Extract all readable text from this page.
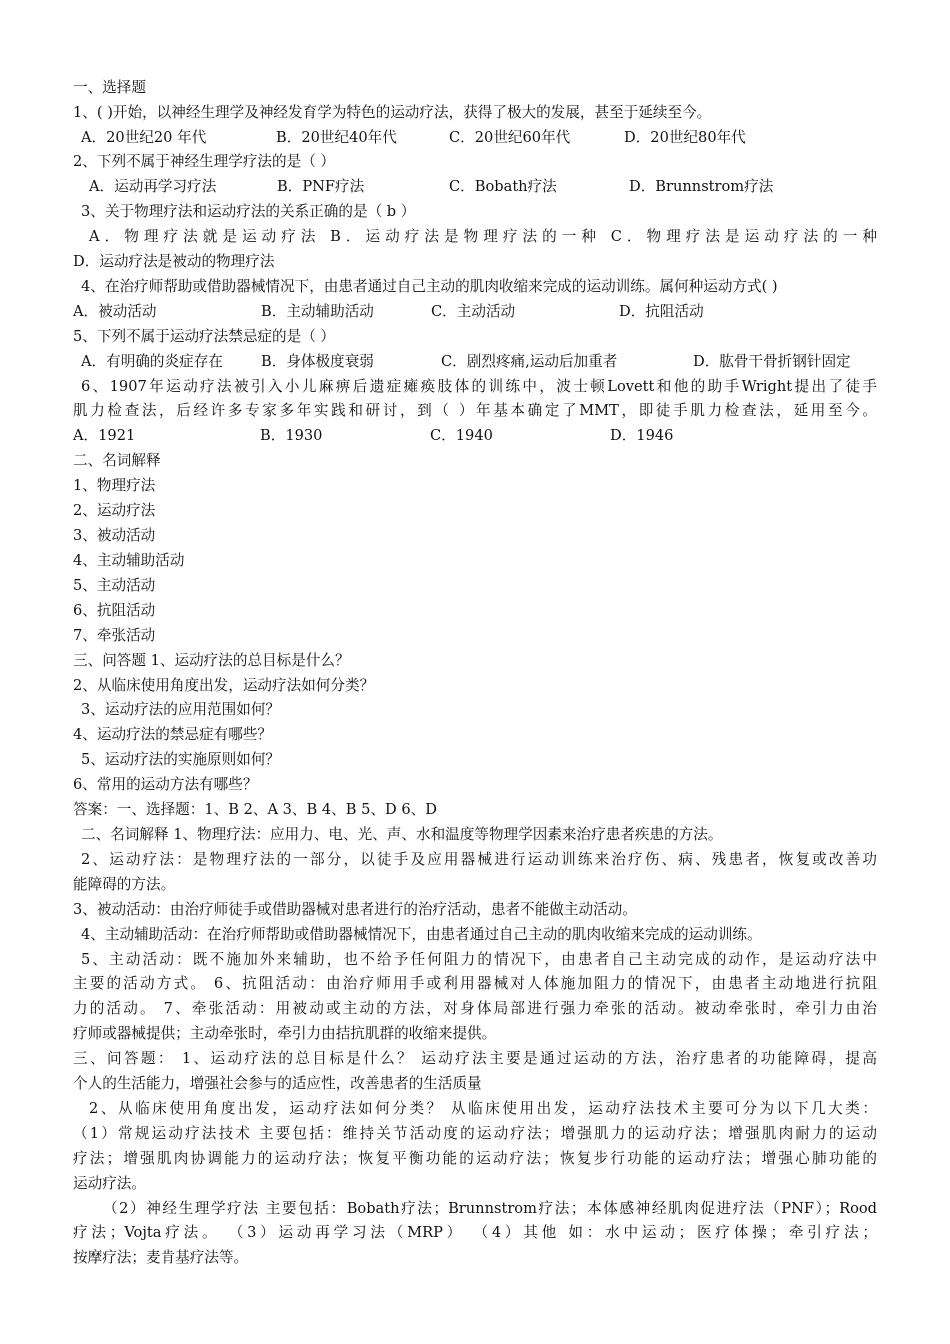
一、选择题
1、( )开始，以神经生理学及神经发育学为特色的运动疗法，获得了极大的发展，甚至于延续至今。
A．20世纪20 年代	B．20世纪40年代	C．20世纪60年代	D．20世纪80年代
2、下列不属于神经生理学疗法的是（ ）
A．运动再学习疗法	B．PNF疗法	C．Bobath疗法	D．Brunnstrom疗法
3、关于物理疗法和运动疗法的关系正确的是（ b ）
A．物理疗法就是运动疗法 B．运动疗法是物理疗法的一种 C．物理疗法是运动疗法的一种
D．运动疗法是被动的物理疗法
4、在治疗师帮助或借助器械情况下，由患者通过自己主动的肌肉收缩来完成的运动训练。属何种运动方式( )
A．被动活动	B．主动辅助活动	C．主动活动	D．抗阻活动
5、下列不属于运动疗法禁忌症的是（ ）
A．有明确的炎症存在	B．身体极度衰弱	C．剧烈疼痛,运动后加重者	D．肱骨干骨折钢针固定
6、1907年运动疗法被引入小儿麻痹后遗症瘫痪肢体的训练中，波士顿Lovett和他的助手Wright提出了徒手
肌力检查法，后经许多专家多年实践和研讨，到（ ）年基本确定了MMT，即徒手肌力检查法，延用至今。
A．1921	B．1930	C．1940	D．1946
二、名词解释
1、物理疗法
2、运动疗法
3、被动活动
4、主动辅助活动
5、主动活动
6、抗阻活动
7、牵张活动
三、问答题 1、运动疗法的总目标是什么？
2、从临床使用角度出发，运动疗法如何分类？
3、运动疗法的应用范围如何？
4、运动疗法的禁忌症有哪些？
5、运动疗法的实施原则如何？
6、常用的运动方法有哪些？
答案：一、选择题：1、B 2、A 3、B 4、B 5、D 6、D
二、名词解释 1、物理疗法：应用力、电、光、声、水和温度等物理学因素来治疗患者疾患的方法。
2、运动疗法：是物理疗法的一部分，以徒手及应用器械进行运动训练来治疗伤、病、残患者，恢复或改善功
能障碍的方法。
3、被动活动：由治疗师徒手或借助器械对患者进行的治疗活动，患者不能做主动活动。
4、主动辅助活动：在治疗师帮助或借助器械情况下，由患者通过自己主动的肌肉收缩来完成的运动训练。
5、主动活动：既不施加外来辅助，也不给予任何阻力的情况下，由患者自己主动完成的动作，是运动疗法中
主要的活动方式。 6、抗阻活动：由治疗师用手或利用器械对人体施加阻力的情况下，由患者主动地进行抗阻
力的活动。 7、牵张活动：用被动或主动的方法，对身体局部进行强力牵张的活动。被动牵张时，牵引力由治
疗师或器械提供；主动牵张时，牵引力由拮抗肌群的收缩来提供。
三、问答题： 1、运动疗法的总目标是什么？ 运动疗法主要是通过运动的方法，治疗患者的功能障碍，提高
个人的生活能力，增强社会参与的适应性，改善患者的生活质量
2、从临床使用角度出发，运动疗法如何分类？ 从临床使用出发，运动疗法技术主要可分为以下几大类：
（1）常规运动疗法技术 主要包括：维持关节活动度的运动疗法；增强肌力的运动疗法；增强肌肉耐力的运动
疗法；增强肌肉协调能力的运动疗法；恢复平衡功能的运动疗法；恢复步行功能的运动疗法；增强心肺功能的
运动疗法。
（2）神经生理学疗法 主要包括：Bobath疗法；Brunnstrom疗法；本体感神经肌肉促进疗法（PNF）；Rood
疗法；Vojta疗法。 （3）运动再学习法（MRP） （4）其他 如：水中运动；医疗体操；牵引疗法；
按摩疗法；麦肯基疗法等。
